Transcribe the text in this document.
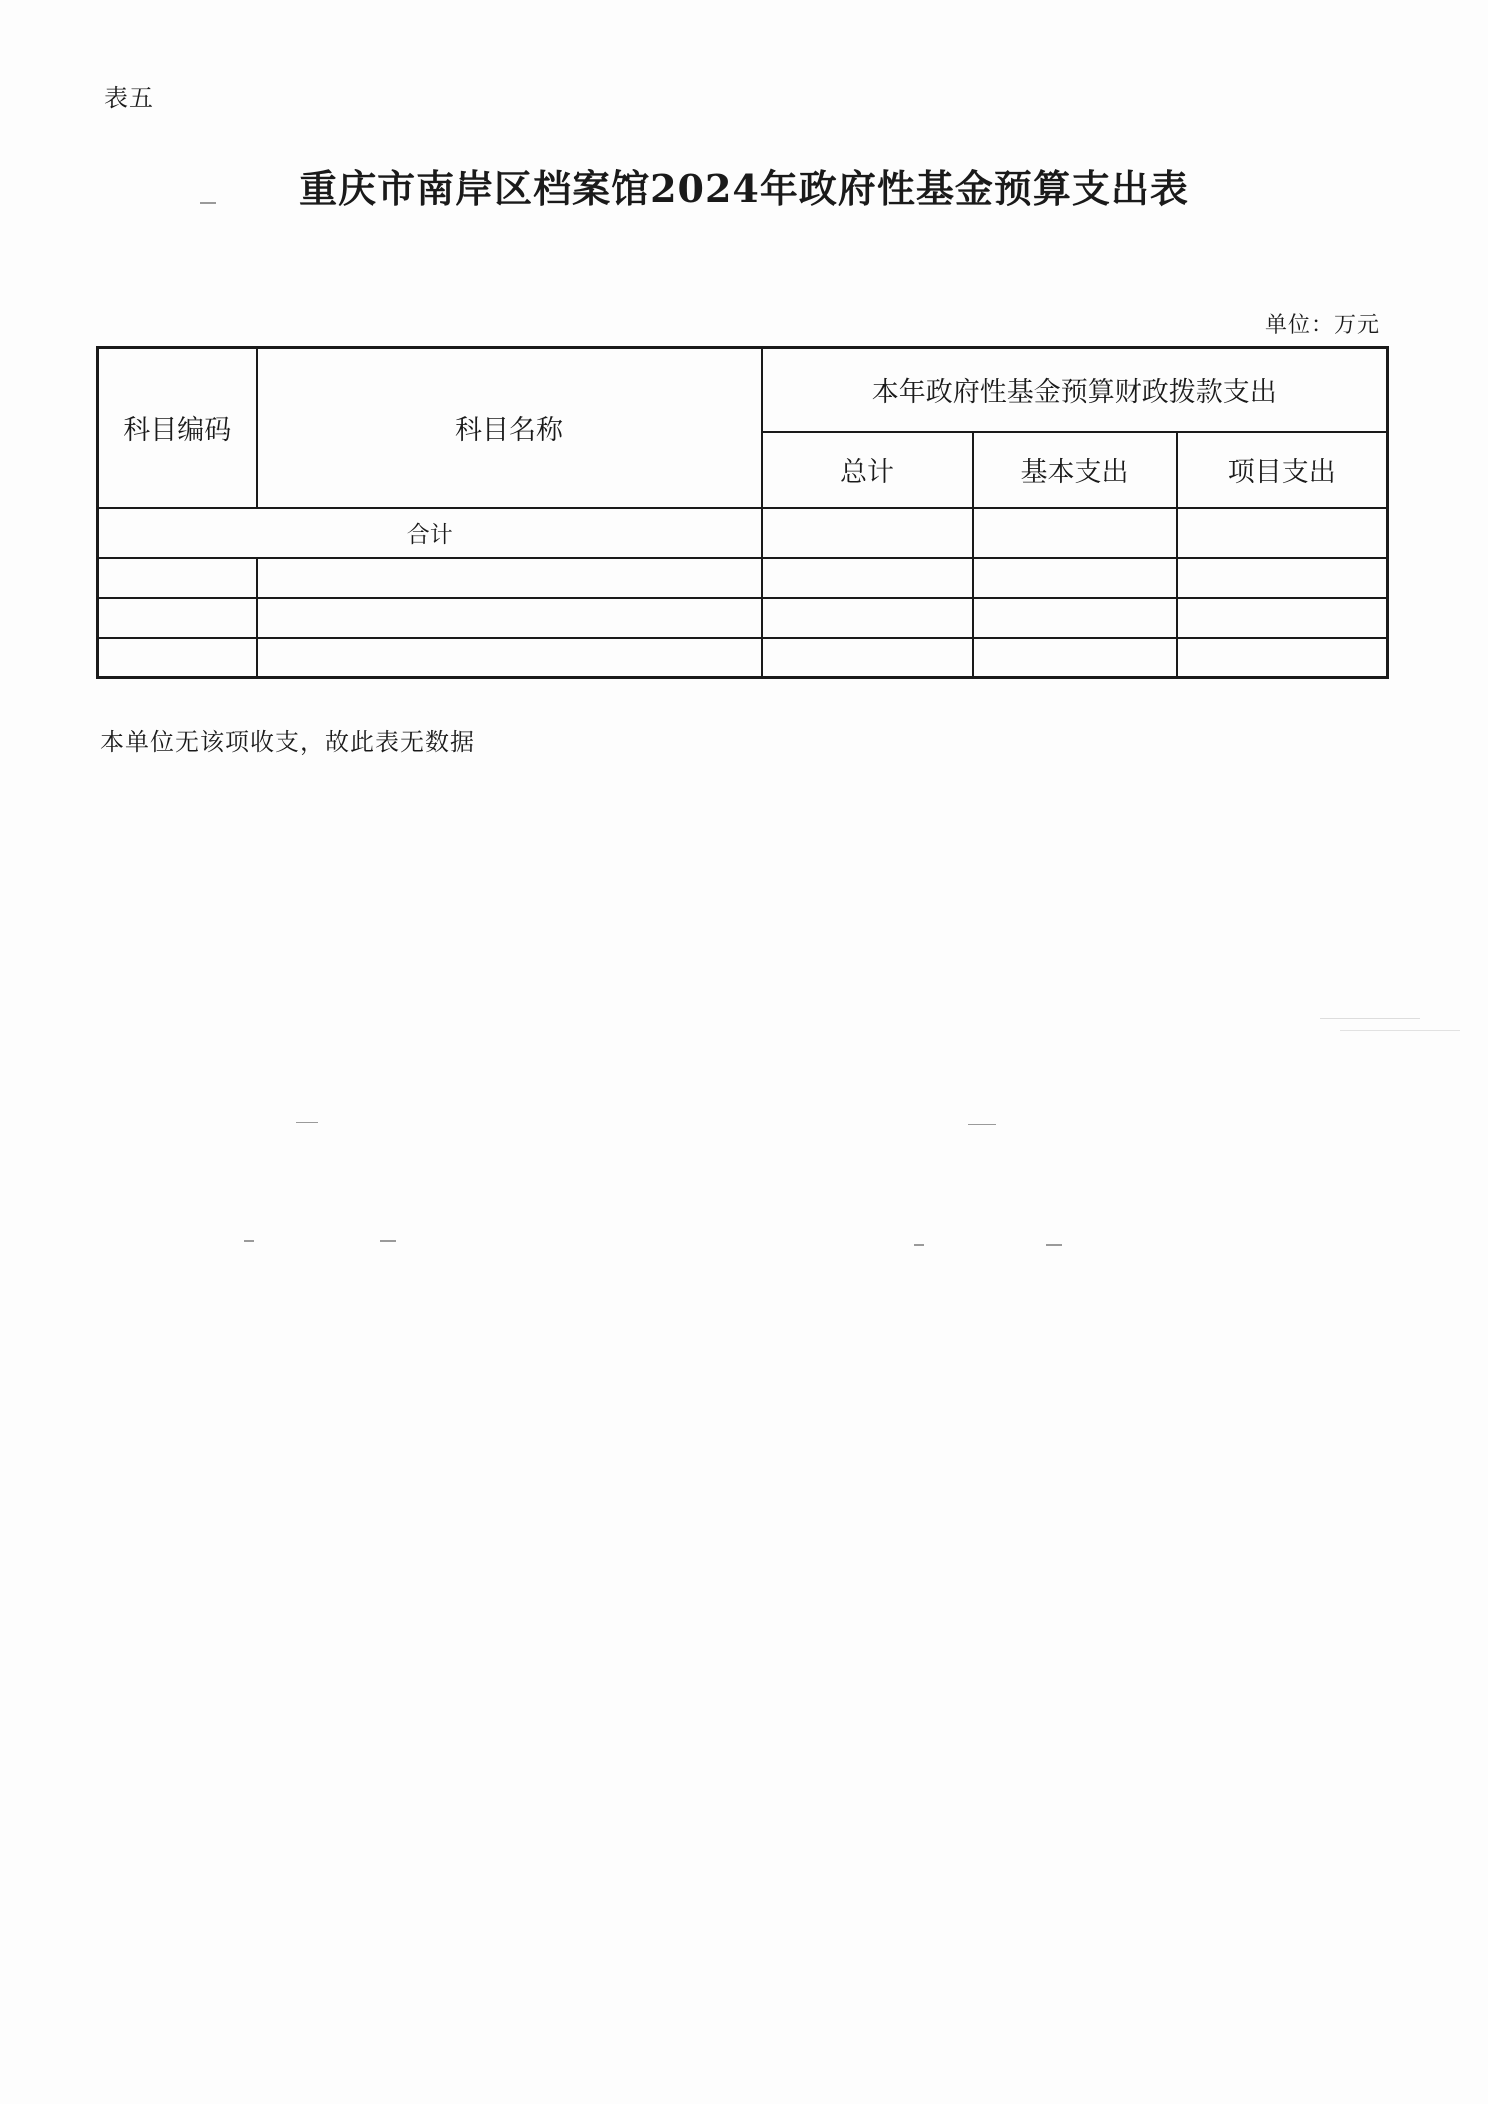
表五
重庆市南岸区档案馆2024年政府性基金预算支出表
单位：万元
科目编码	科目名称	本年政府性基金预算财政拨款支出		
		总计	基本支出	项目支出
合计				

本单位无该项收支，故此表无数据
